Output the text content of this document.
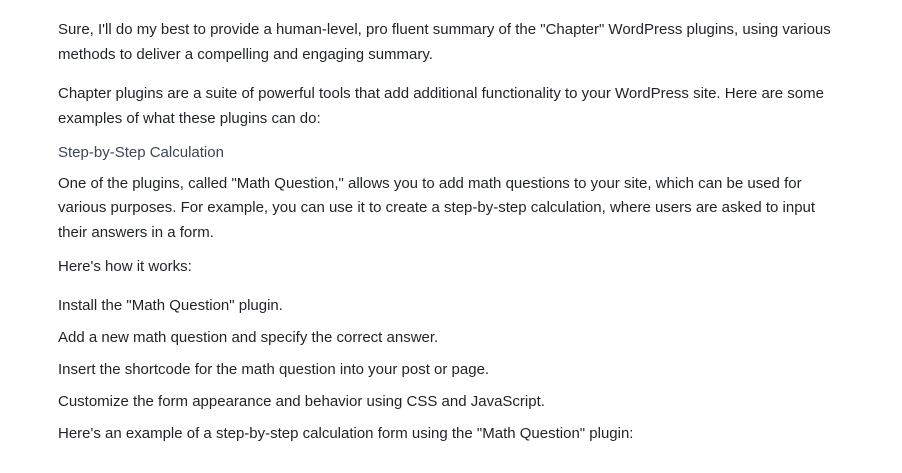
Sure, I'll do my best to provide a human-level, pro fluent summary of the "Chapter" WordPress plugins, using various methods to deliver a compelling and engaging summary.

Chapter plugins are a suite of powerful tools that add additional functionality to your WordPress site. Here are some examples of what these plugins can do:

Step-by-Step Calculation

One of the plugins, called "Math Question," allows you to add math questions to your site, which can be used for various purposes. For example, you can use it to create a step-by-step calculation, where users are asked to input their answers in a form.

Here's how it works:

Install the "Math Question" plugin.

Add a new math question and specify the correct answer.

Insert the shortcode for the math question into your post or page.

Customize the form appearance and behavior using CSS and JavaScript.

Here's an example of a step-by-step calculation form using the "Math Question" plugin:
